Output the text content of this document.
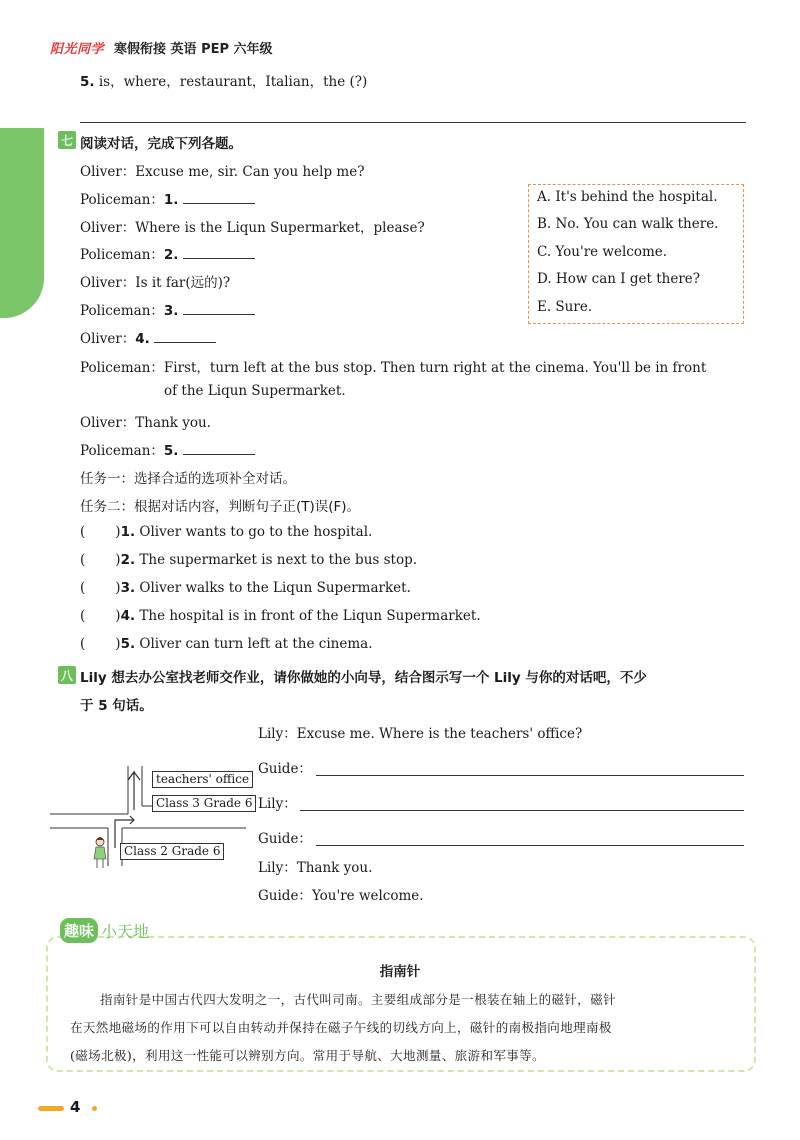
阳光同学 寒假衔接 英语 PEP 六年级
5. is，where，restaurant，Italian，the (?)
七 阅读对话，完成下列各题。
Oliver：Excuse me, sir. Can you help me?
Policeman：1.
Oliver：Where is the Liqun Supermarket，please?
Policeman：2.
Oliver：Is it far(远的)?
Policeman：3.
Oliver：4.
Policeman：First，turn left at the bus stop. Then turn right at the cinema. You'll be in front
of the Liqun Supermarket.
Oliver：Thank you.
Policeman：5.
A. It's behind the hospital.
B. No. You can walk there.
C. You're welcome.
D. How can I get there?
E. Sure.
任务一：选择合适的选项补全对话。
任务二：根据对话内容，判断句子正(T)误(F)。
( )1. Oliver wants to go to the hospital.
( )2. The supermarket is next to the bus stop.
( )3. Oliver walks to the Liqun Supermarket.
( )4. The hospital is in front of the Liqun Supermarket.
( )5. Oliver can turn left at the cinema.
八 Lily 想去办公室找老师交作业，请你做她的小向导，结合图示写一个 Lily 与你的对话吧，不少
于 5 句话。
Lily：Excuse me. Where is the teachers' office?
Guide：
Lily：
Guide：
Lily：Thank you.
Guide：You're welcome.
teachers' office
Class 3 Grade 6
Class 2 Grade 6
趣味 小天地
指南针
指南针是中国古代四大发明之一，古代叫司南。主要组成部分是一根装在轴上的磁针，磁针
在天然地磁场的作用下可以自由转动并保持在磁子午线的切线方向上，磁针的南极指向地理南极
(磁场北极)，利用这一性能可以辨别方向。常用于导航、大地测量、旅游和军事等。
4
